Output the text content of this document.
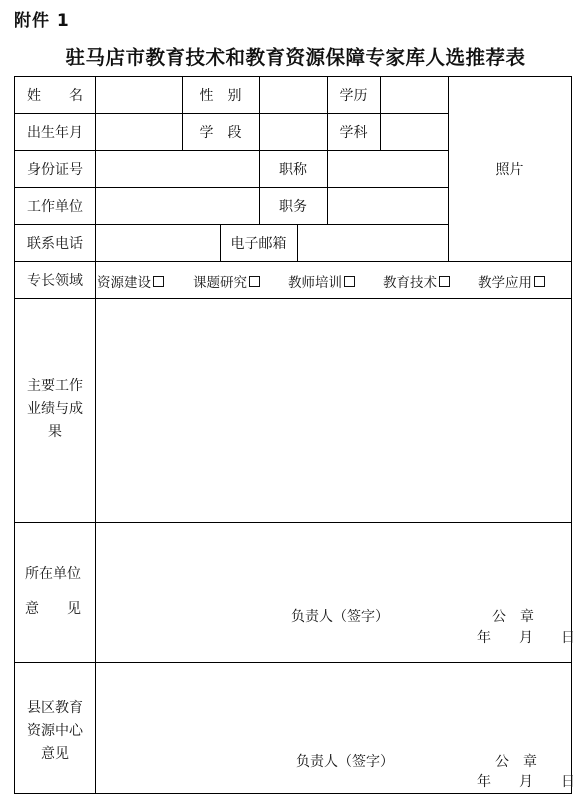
附件 1
驻马店市教育技术和教育资源保障专家库人选推荐表
姓　　名	性　别	学历
照片
出生年月	学　段	学科
身份证号	职称
工作单位	职务
联系电话	电子邮箱
专长领域	资源建设	课题研究	教师培训	教育技术	教学应用
主要工作
业绩与成
果
所在单位
意　　见	负责人（签字）	公　章
年　　月　　日
县区教育
资源中心
意见	负责人（签字）	公　章
年　　月　　日
